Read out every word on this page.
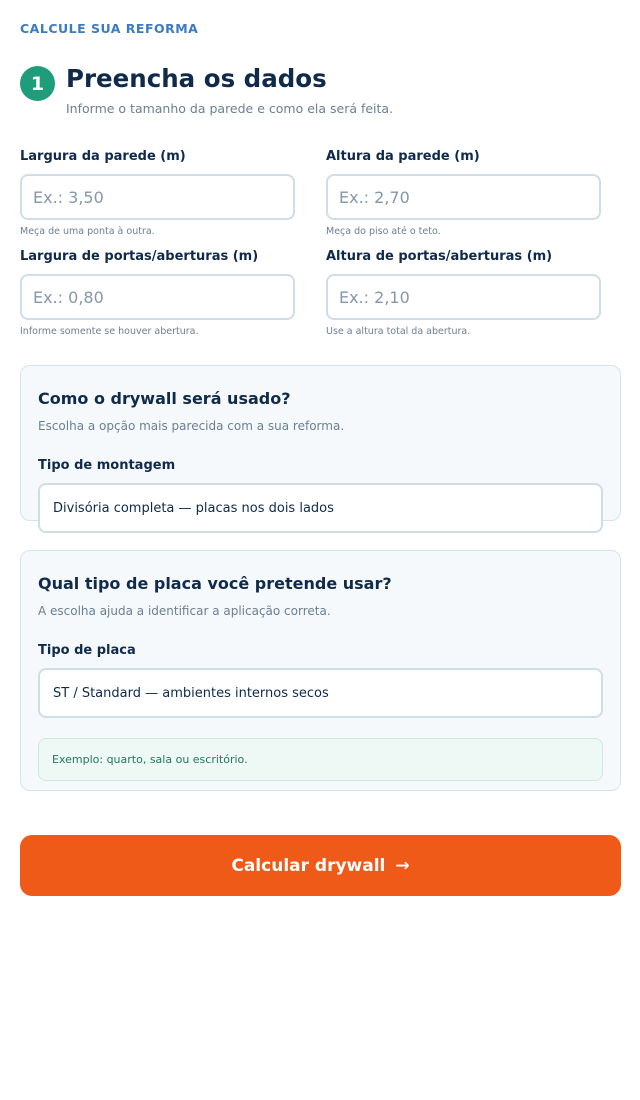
CALCULE SUA REFORMA
1 Preencha os dados

Informe o tamanho da parede e como ela será feita.

Largura da parede (m)
Ex.: 3,50
Meça de uma ponta à outra.
Altura da parede (m)
Ex.: 2,70
Meça do piso até o teto.
Largura de portas/aberturas (m)
Ex.: 0,80
Informe somente se houver abertura.
Altura de portas/aberturas (m)
Ex.: 2,10
Use a altura total da abertura.
Como o drywall será usado?

Escolha a opção mais parecida com a sua reforma.

Tipo de montagem
Divisória completa — placas nos dois lados
Qual tipo de placa você pretende usar?

A escolha ajuda a identificar a aplicação correta.

Tipo de placa
ST / Standard — ambientes internos secos
Exemplo: quarto, sala ou escritório.
Calcular drywall →
